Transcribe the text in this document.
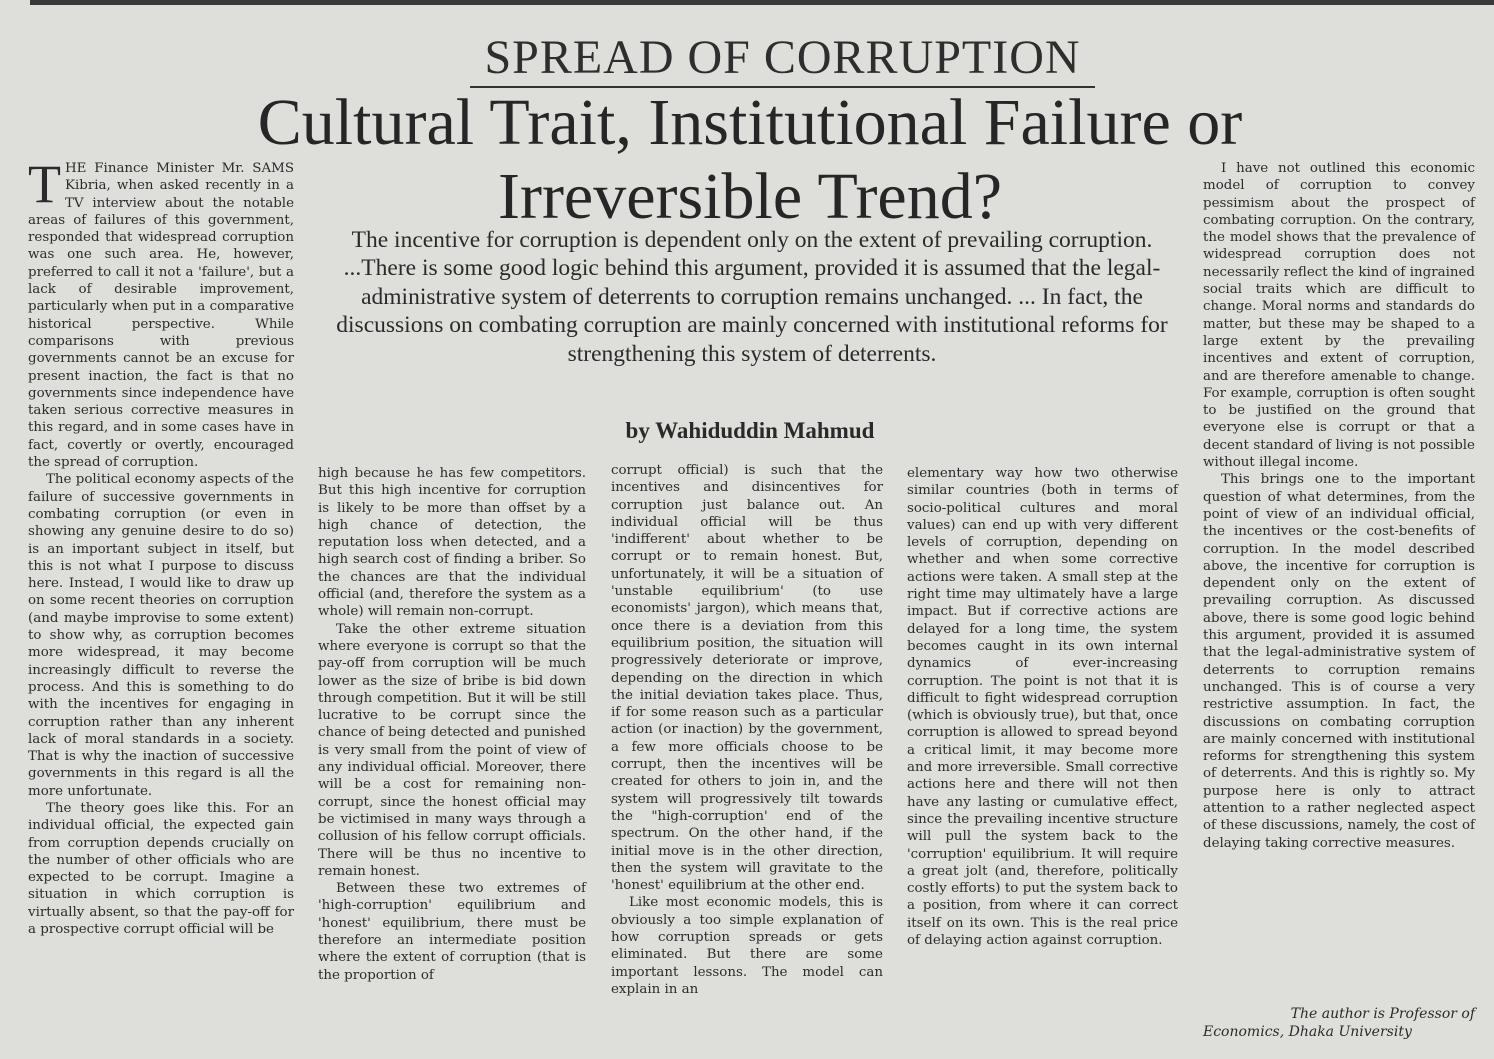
SPREAD OF CORRUPTION
Cultural Trait, Institutional Failure or Irreversible Trend?

The incentive for corruption is dependent only on the extent of prevailing corruption. ...There is some good logic behind this argument, provided it is assumed that the legal-administrative system of deterrents to corruption remains unchanged. ... In fact, the discussions on combating corruption are mainly concerned with institutional reforms for strengthening this system of deterrents.

by Wahiduddin Mahmud

THE Finance Minister Mr. SAMS Kibria, when asked recently in a TV interview about the notable areas of failures of this government, responded that widespread corruption was one such area. He, however, preferred to call it not a 'failure', but a lack of desirable improvement, particularly when put in a comparative historical perspective. While comparisons with previous governments cannot be an excuse for present inaction, the fact is that no governments since independence have taken serious corrective measures in this regard, and in some cases have in fact, covertly or overtly, encouraged the spread of corruption.

The political economy aspects of the failure of successive governments in combating corruption (or even in showing any genuine desire to do so) is an important subject in itself, but this is not what I purpose to discuss here. Instead, I would like to draw up on some recent theories on corruption (and maybe improvise to some extent) to show why, as corruption becomes more widespread, it may become increasingly difficult to reverse the process. And this is something to do with the incentives for engaging in corruption rather than any inherent lack of moral standards in a society. That is why the inaction of successive governments in this regard is all the more unfortunate.

The theory goes like this. For an individual official, the expected gain from corruption depends crucially on the number of other officials who are expected to be corrupt. Imagine a situation in which corruption is virtually absent, so that the pay-off for a prospective corrupt official will be

high because he has few competitors. But this high incentive for corruption is likely to be more than offset by a high chance of detection, the reputation loss when detected, and a high search cost of finding a briber. So the chances are that the individual official (and, therefore the system as a whole) will remain non-corrupt.

Take the other extreme situation where everyone is corrupt so that the pay-off from corruption will be much lower as the size of bribe is bid down through competition. But it will be still lucrative to be corrupt since the chance of being detected and punished is very small from the point of view of any individual official. Moreover, there will be a cost for remaining non-corrupt, since the honest official may be victimised in many ways through a collusion of his fellow corrupt officials. There will be thus no incentive to remain honest.

Between these two extremes of 'high-corruption' equilibrium and 'honest' equilibrium, there must be therefore an intermediate position where the extent of corruption (that is the proportion of

corrupt official) is such that the incentives and disincentives for corruption just balance out. An individual official will be thus 'indifferent' about whether to be corrupt or to remain honest. But, unfortunately, it will be a situation of 'unstable equilibrium' (to use economists' jargon), which means that, once there is a deviation from this equilibrium position, the situation will progressively deteriorate or improve, depending on the direction in which the initial deviation takes place. Thus, if for some reason such as a particular action (or inaction) by the government, a few more officials choose to be corrupt, then the incentives will be created for others to join in, and the system will progressively tilt towards the "high-corruption' end of the spectrum. On the other hand, if the initial move is in the other direction, then the system will gravitate to the 'honest' equilibrium at the other end.

Like most economic models, this is obviously a too simple explanation of how corruption spreads or gets eliminated. But there are some important lessons. The model can explain in an

elementary way how two otherwise similar countries (both in terms of socio-political cultures and moral values) can end up with very different levels of corruption, depending on whether and when some corrective actions were taken. A small step at the right time may ultimately have a large impact. But if corrective actions are delayed for a long time, the system becomes caught in its own internal dynamics of ever-increasing corruption. The point is not that it is difficult to fight widespread corruption (which is obviously true), but that, once corruption is allowed to spread beyond a critical limit, it may become more and more irreversible. Small corrective actions here and there will not then have any lasting or cumulative effect, since the prevailing incentive structure will pull the system back to the 'corruption' equilibrium. It will require a great jolt (and, therefore, politically costly efforts) to put the system back to a position, from where it can correct itself on its own. This is the real price of delaying action against corruption.

I have not outlined this economic model of corruption to convey pessimism about the prospect of combating corruption. On the contrary, the model shows that the prevalence of widespread corruption does not necessarily reflect the kind of ingrained social traits which are difficult to change. Moral norms and standards do matter, but these may be shaped to a large extent by the prevailing incentives and extent of corruption, and are therefore amenable to change. For example, corruption is often sought to be justified on the ground that everyone else is corrupt or that a decent standard of living is not possible without illegal income.

This brings one to the important question of what determines, from the point of view of an individual official, the incentives or the cost-benefits of corruption. In the model described above, the incentive for corruption is dependent only on the extent of prevailing corruption. As discussed above, there is some good logic behind this argument, provided it is assumed that the legal-administrative system of deterrents to corruption remains unchanged. This is of course a very restrictive assumption. In fact, the discussions on combating corruption are mainly concerned with institutional reforms for strengthening this system of deterrents. And this is rightly so. My purpose here is only to attract attention to a rather neglected aspect of these discussions, namely, the cost of delaying taking corrective measures.

The author is Professor of
Economics, Dhaka University
